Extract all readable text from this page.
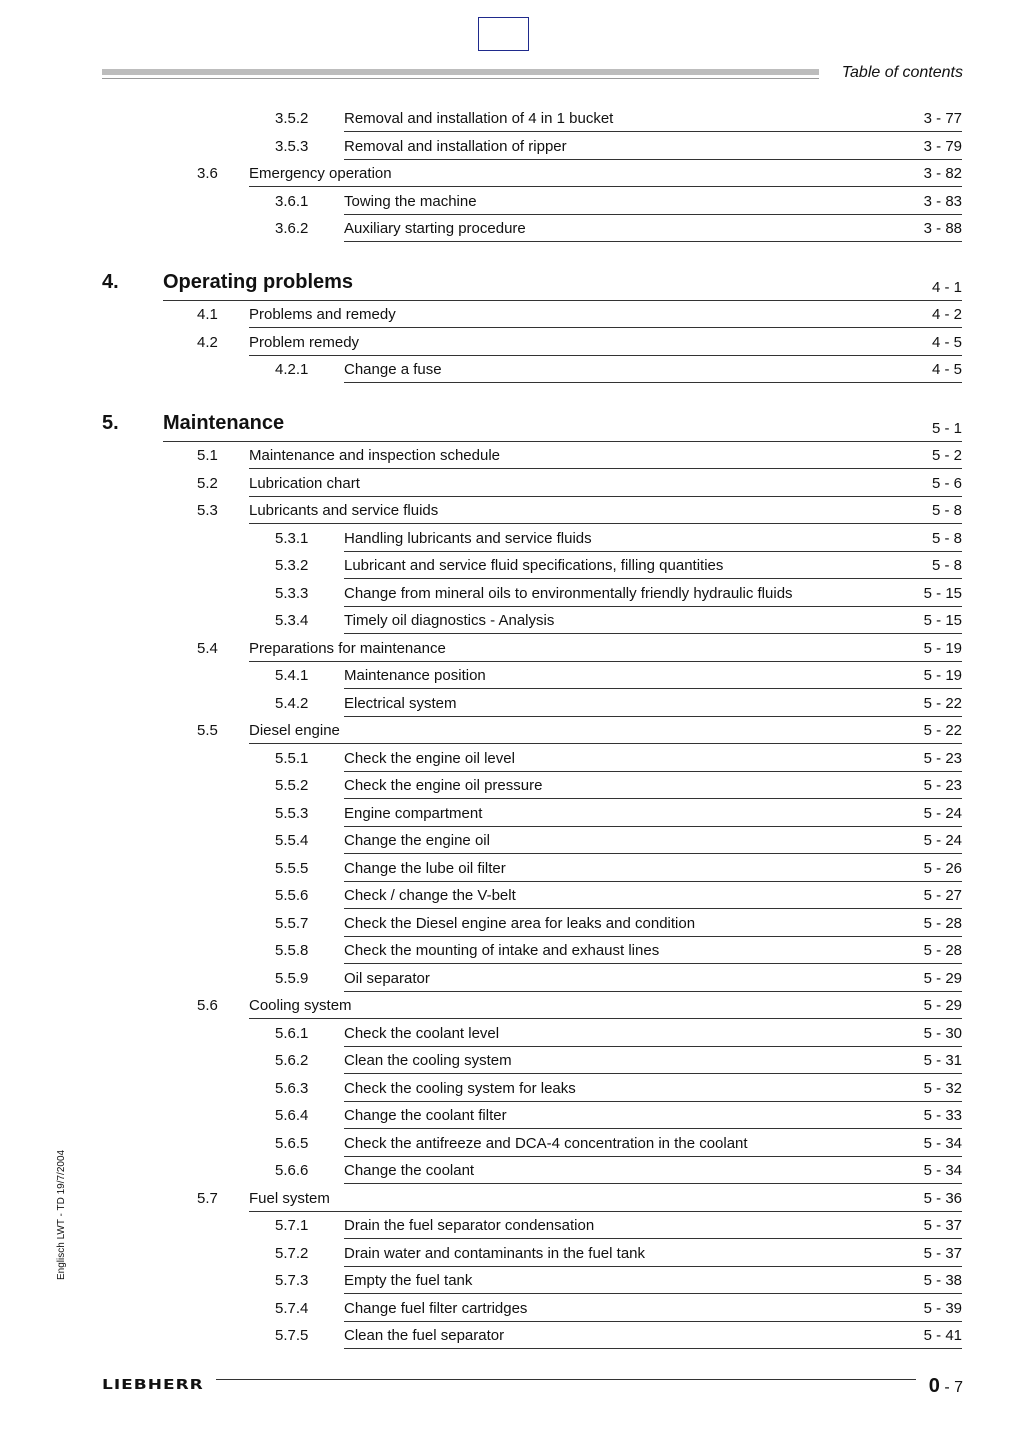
Table of contents
Englisch LWT - TD 19/7/2004
3.5.2 Removal and installation of 4 in 1 bucket	3 - 77
3.5.3 Removal and installation of ripper	3 - 79
3.6 Emergency operation	3 - 82
3.6.1 Towing the machine	3 - 83
3.6.2 Auxiliary starting procedure	3 - 88
4. Operating problems	4 - 1
4.1 Problems and remedy	4 - 2
4.2 Problem remedy	4 - 5
4.2.1 Change a fuse	4 - 5
5. Maintenance	5 - 1
5.1 Maintenance and inspection schedule	5 - 2
5.2 Lubrication chart	5 - 6
5.3 Lubricants and service fluids	5 - 8
5.3.1 Handling lubricants and service fluids	5 - 8
5.3.2 Lubricant and service fluid specifications, filling quantities	5 - 8
5.3.3 Change from mineral oils to environmentally friendly hydraulic fluids	5 - 15
5.3.4 Timely oil diagnostics - Analysis	5 - 15
5.4 Preparations for maintenance	5 - 19
5.4.1 Maintenance position	5 - 19
5.4.2 Electrical system	5 - 22
5.5 Diesel engine	5 - 22
5.5.1 Check the engine oil level	5 - 23
5.5.2 Check the engine oil pressure	5 - 23
5.5.3 Engine compartment	5 - 24
5.5.4 Change the engine oil	5 - 24
5.5.5 Change the lube oil filter	5 - 26
5.5.6 Check / change the V-belt	5 - 27
5.5.7 Check the Diesel engine area for leaks and condition	5 - 28
5.5.8 Check the mounting of intake and exhaust lines	5 - 28
5.5.9 Oil separator	5 - 29
5.6 Cooling system	5 - 29
5.6.1 Check the coolant level	5 - 30
5.6.2 Clean the cooling system	5 - 31
5.6.3 Check the cooling system for leaks	5 - 32
5.6.4 Change the coolant filter	5 - 33
5.6.5 Check the antifreeze and DCA-4 concentration in the coolant	5 - 34
5.6.6 Change the coolant	5 - 34
5.7 Fuel system	5 - 36
5.7.1 Drain the fuel separator condensation	5 - 37
5.7.2 Drain water and contaminants in the fuel tank	5 - 37
5.7.3 Empty the fuel tank	5 - 38
5.7.4 Change fuel filter cartridges	5 - 39
5.7.5 Clean the fuel separator	5 - 41
LIEBHERR	0 - 7
